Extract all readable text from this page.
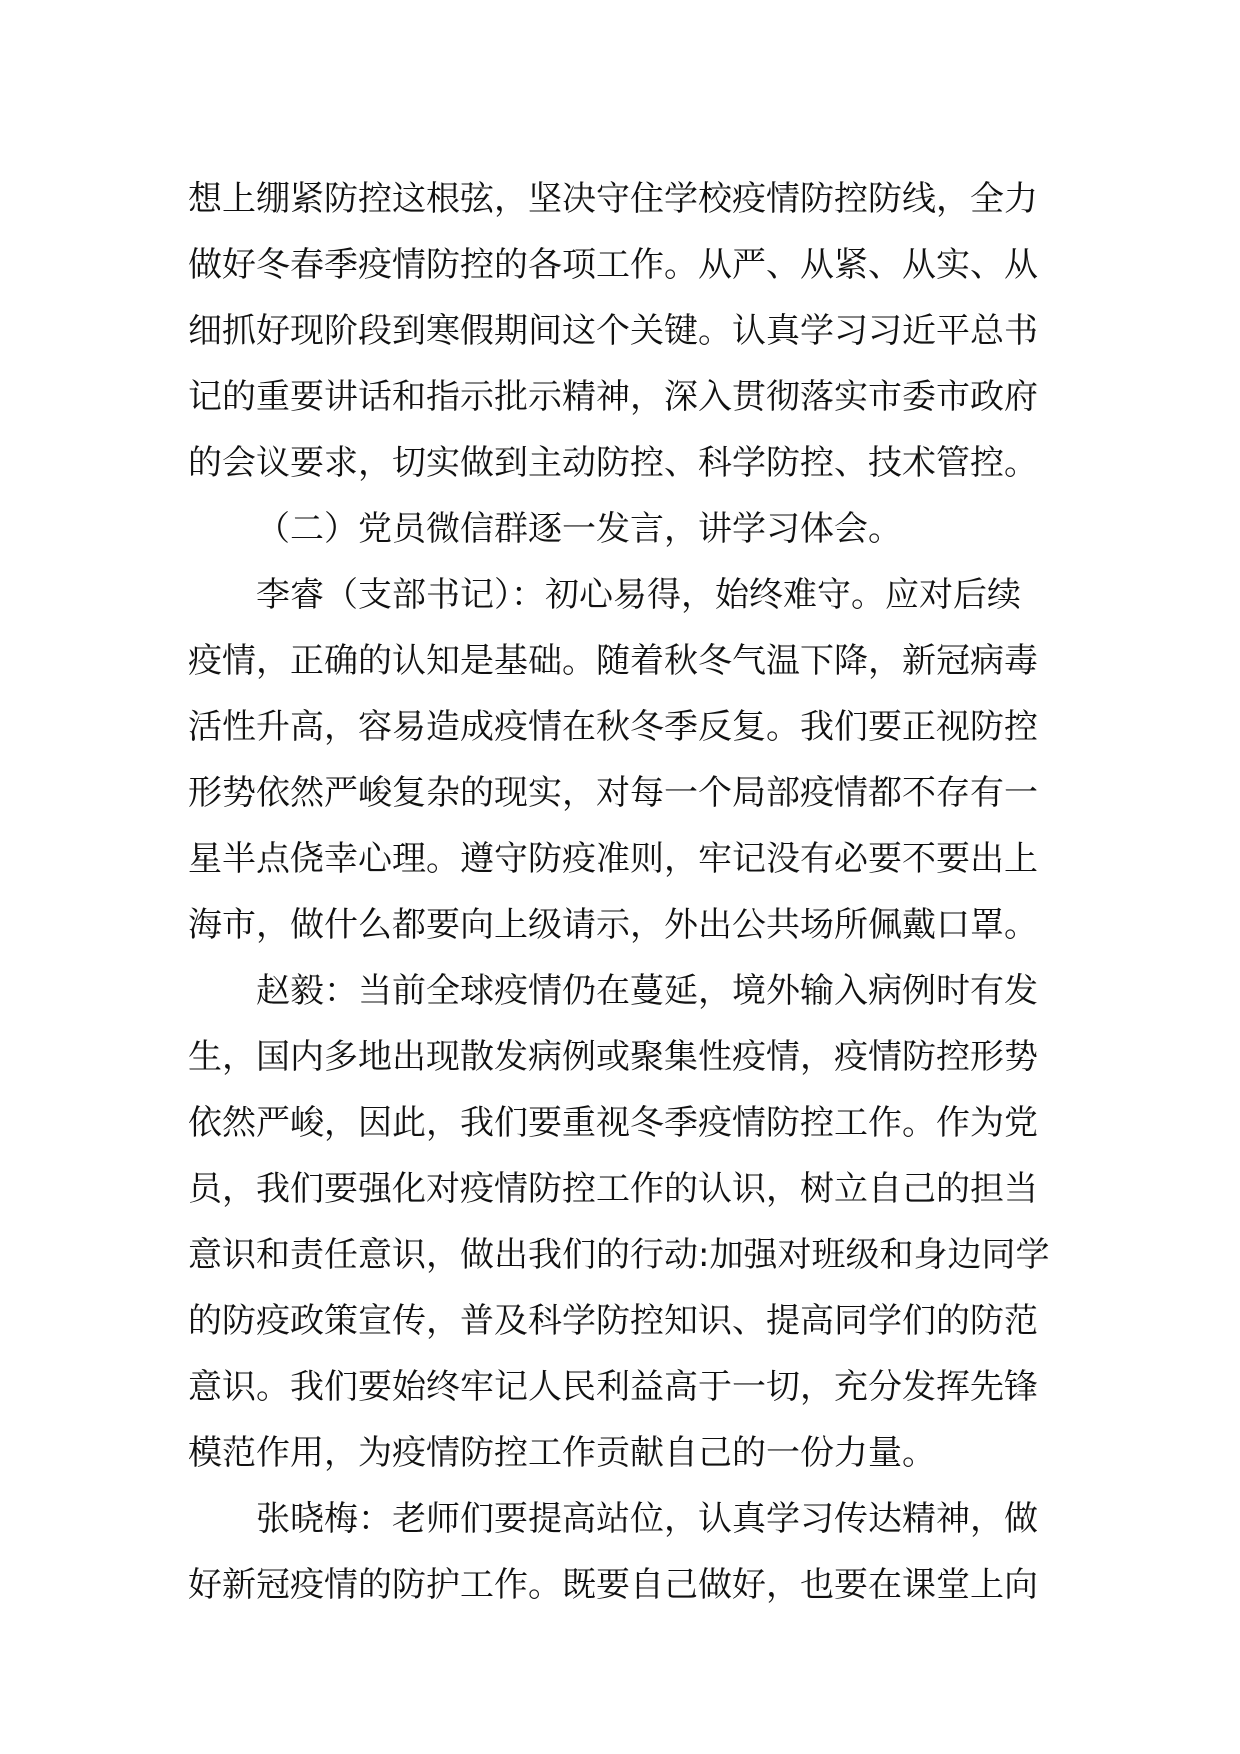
想上绷紧防控这根弦，坚决守住学校疫情防控防线，全力
做好冬春季疫情防控的各项工作。从严、从紧、从实、从
细抓好现阶段到寒假期间这个关键。认真学习习近平总书
记的重要讲话和指示批示精神，深入贯彻落实市委市政府
的会议要求，切实做到主动防控、科学防控、技术管控。
（二）党员微信群逐一发言，讲学习体会。
李睿（支部书记）：初心易得，始终难守。应对后续
疫情，正确的认知是基础。随着秋冬气温下降，新冠病毒
活性升高，容易造成疫情在秋冬季反复。我们要正视防控
形势依然严峻复杂的现实，对每一个局部疫情都不存有一
星半点侥幸心理。遵守防疫准则，牢记没有必要不要出上
海市，做什么都要向上级请示，外出公共场所佩戴口罩。
赵毅：当前全球疫情仍在蔓延，境外输入病例时有发
生，国内多地出现散发病例或聚集性疫情，疫情防控形势
依然严峻，因此，我们要重视冬季疫情防控工作。作为党
员，我们要强化对疫情防控工作的认识，树立自己的担当
意识和责任意识，做出我们的行动:加强对班级和身边同学
的防疫政策宣传，普及科学防控知识、提高同学们的防范
意识。我们要始终牢记人民利益高于一切，充分发挥先锋
模范作用，为疫情防控工作贡献自己的一份力量。
张晓梅：老师们要提高站位，认真学习传达精神，做
好新冠疫情的防护工作。既要自己做好，也要在课堂上向
